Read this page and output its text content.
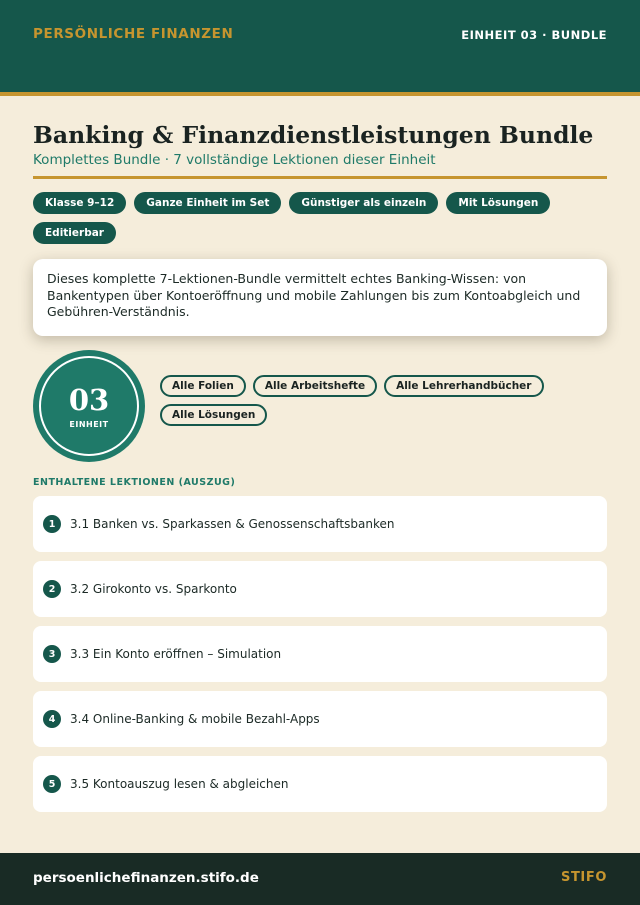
PERSÖNLICHE FINANZEN	EINHEIT 03 · BUNDLE
Banking & Finanzdienstleistungen Bundle
Komplettes Bundle · 7 vollständige Lektionen dieser Einheit
Klasse 9–12	Ganze Einheit im Set	Günstiger als einzeln	Mit Lösungen
Editierbar

Dieses komplette 7-Lektionen-Bundle vermittelt echtes Banking-Wissen: von Bankentypen über Kontoeröffnung und mobile Zahlungen bis zum Kontoabgleich und Gebühren-Verständnis.

03
EINHEIT
Alle Folien	Alle Arbeitshefte	Alle Lehrerhandbücher
Alle Lösungen
ENTHALTENE LEKTIONEN (AUSZUG)
1	3.1 Banken vs. Sparkassen & Genossenschaftsbanken
2	3.2 Girokonto vs. Sparkonto
3	3.3 Ein Konto eröffnen – Simulation
4	3.4 Online-Banking & mobile Bezahl-Apps
5	3.5 Kontoauszug lesen & abgleichen
persoenlichefinanzen.stifo.de	STIFO
